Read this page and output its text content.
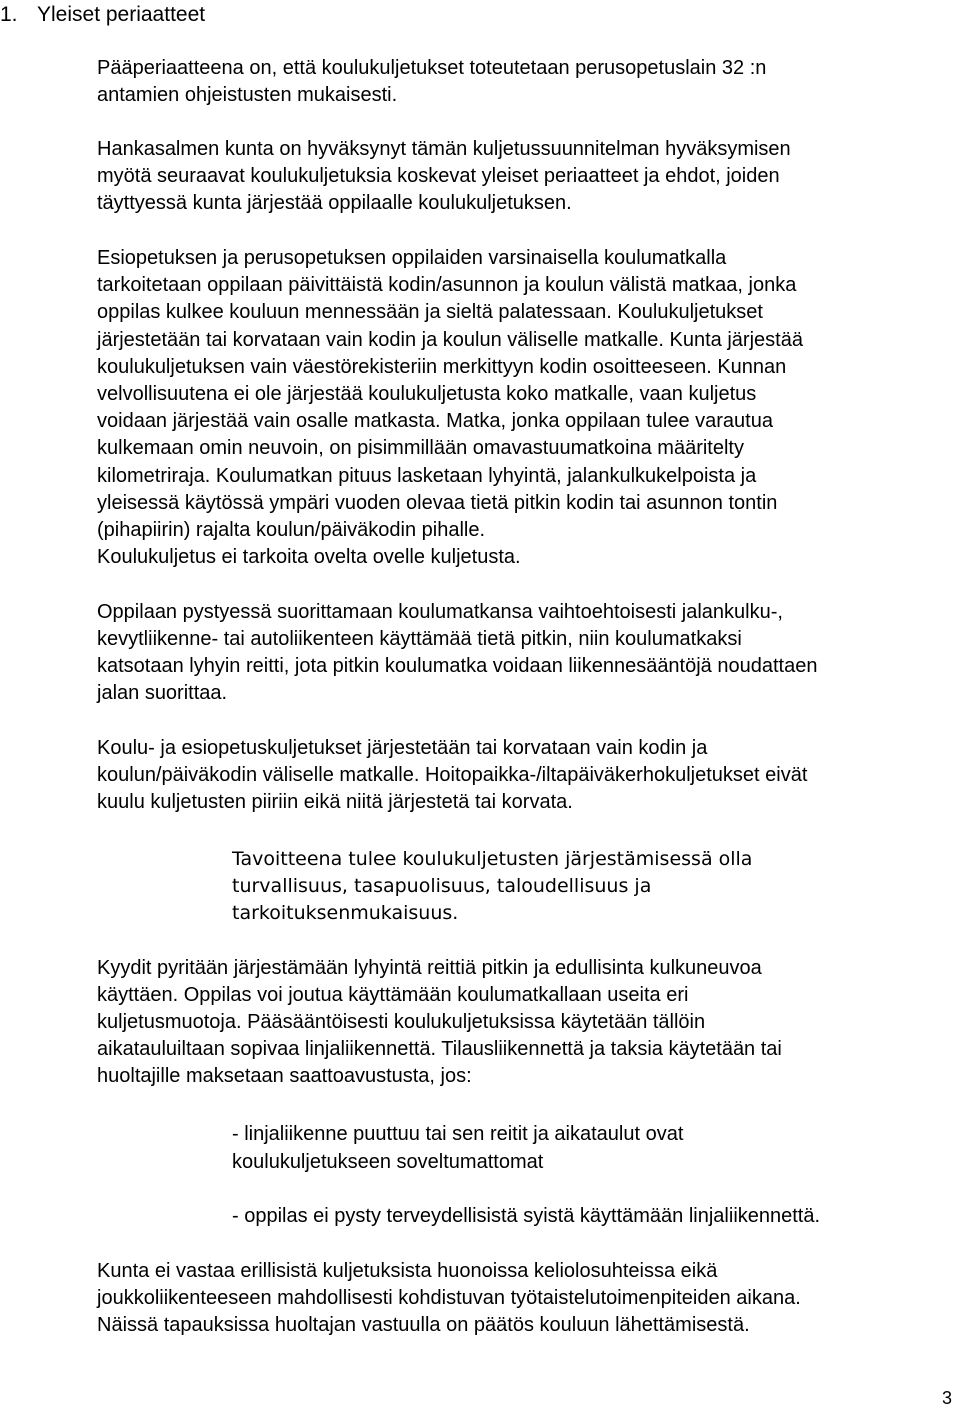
1. Yleiset periaatteet
Pääperiaatteena on, että koulukuljetukset toteutetaan perusopetuslain 32 :n
antamien ohjeistusten mukaisesti.
Hankasalmen kunta on hyväksynyt tämän kuljetussuunnitelman hyväksymisen
myötä seuraavat koulukuljetuksia koskevat yleiset periaatteet ja ehdot, joiden
täyttyessä kunta järjestää oppilaalle koulukuljetuksen.
Esiopetuksen ja perusopetuksen oppilaiden varsinaisella koulumatkalla
tarkoitetaan oppilaan päivittäistä kodin/asunnon ja koulun välistä matkaa, jonka
oppilas kulkee kouluun mennessään ja sieltä palatessaan. Koulukuljetukset
järjestetään tai korvataan vain kodin ja koulun väliselle matkalle. Kunta järjestää
koulukuljetuksen vain väestörekisteriin merkittyyn kodin osoitteeseen. Kunnan
velvollisuutena ei ole järjestää koulukuljetusta koko matkalle, vaan kuljetus
voidaan järjestää vain osalle matkasta. Matka, jonka oppilaan tulee varautua
kulkemaan omin neuvoin, on pisimmillään omavastuumatkoina määritelty
kilometriraja. Koulumatkan pituus lasketaan lyhyintä, jalankulkukelpoista ja
yleisessä käytössä ympäri vuoden olevaa tietä pitkin kodin tai asunnon tontin
(pihapiirin) rajalta koulun/päiväkodin pihalle.
Koulukuljetus ei tarkoita ovelta ovelle kuljetusta.
Oppilaan pystyessä suorittamaan koulumatkansa vaihtoehtoisesti jalankulku-,
kevytliikenne- tai autoliikenteen käyttämää tietä pitkin, niin koulumatkaksi
katsotaan lyhyin reitti, jota pitkin koulumatka voidaan liikennesääntöjä noudattaen
jalan suorittaa.
Koulu- ja esiopetuskuljetukset järjestetään tai korvataan vain kodin ja
koulun/päiväkodin väliselle matkalle. Hoitopaikka-/iltapäiväkerhokuljetukset eivät
kuulu kuljetusten piiriin eikä niitä järjestetä tai korvata.
Tavoitteena tulee koulukuljetusten järjestämisessä olla
turvallisuus, tasapuolisuus, taloudellisuus ja
tarkoituksenmukaisuus.
Kyydit pyritään järjestämään lyhyintä reittiä pitkin ja edullisinta kulkuneuvoa
käyttäen. Oppilas voi joutua käyttämään koulumatkallaan useita eri
kuljetusmuotoja. Pääsääntöisesti koulukuljetuksissa käytetään tällöin
aikatauluiltaan sopivaa linjaliikennettä. Tilausliikennettä ja taksia käytetään tai
huoltajille maksetaan saattoavustusta, jos:
- linjaliikenne puuttuu tai sen reitit ja aikataulut ovat
koulukuljetukseen soveltumattomat
- oppilas ei pysty terveydellisistä syistä käyttämään linjaliikennettä.
Kunta ei vastaa erillisistä kuljetuksista huonoissa keliolosuhteissa eikä
joukkoliikenteeseen mahdollisesti kohdistuvan työtaistelutoimenpiteiden aikana.
Näissä tapauksissa huoltajan vastuulla on päätös kouluun lähettämisestä.
3
